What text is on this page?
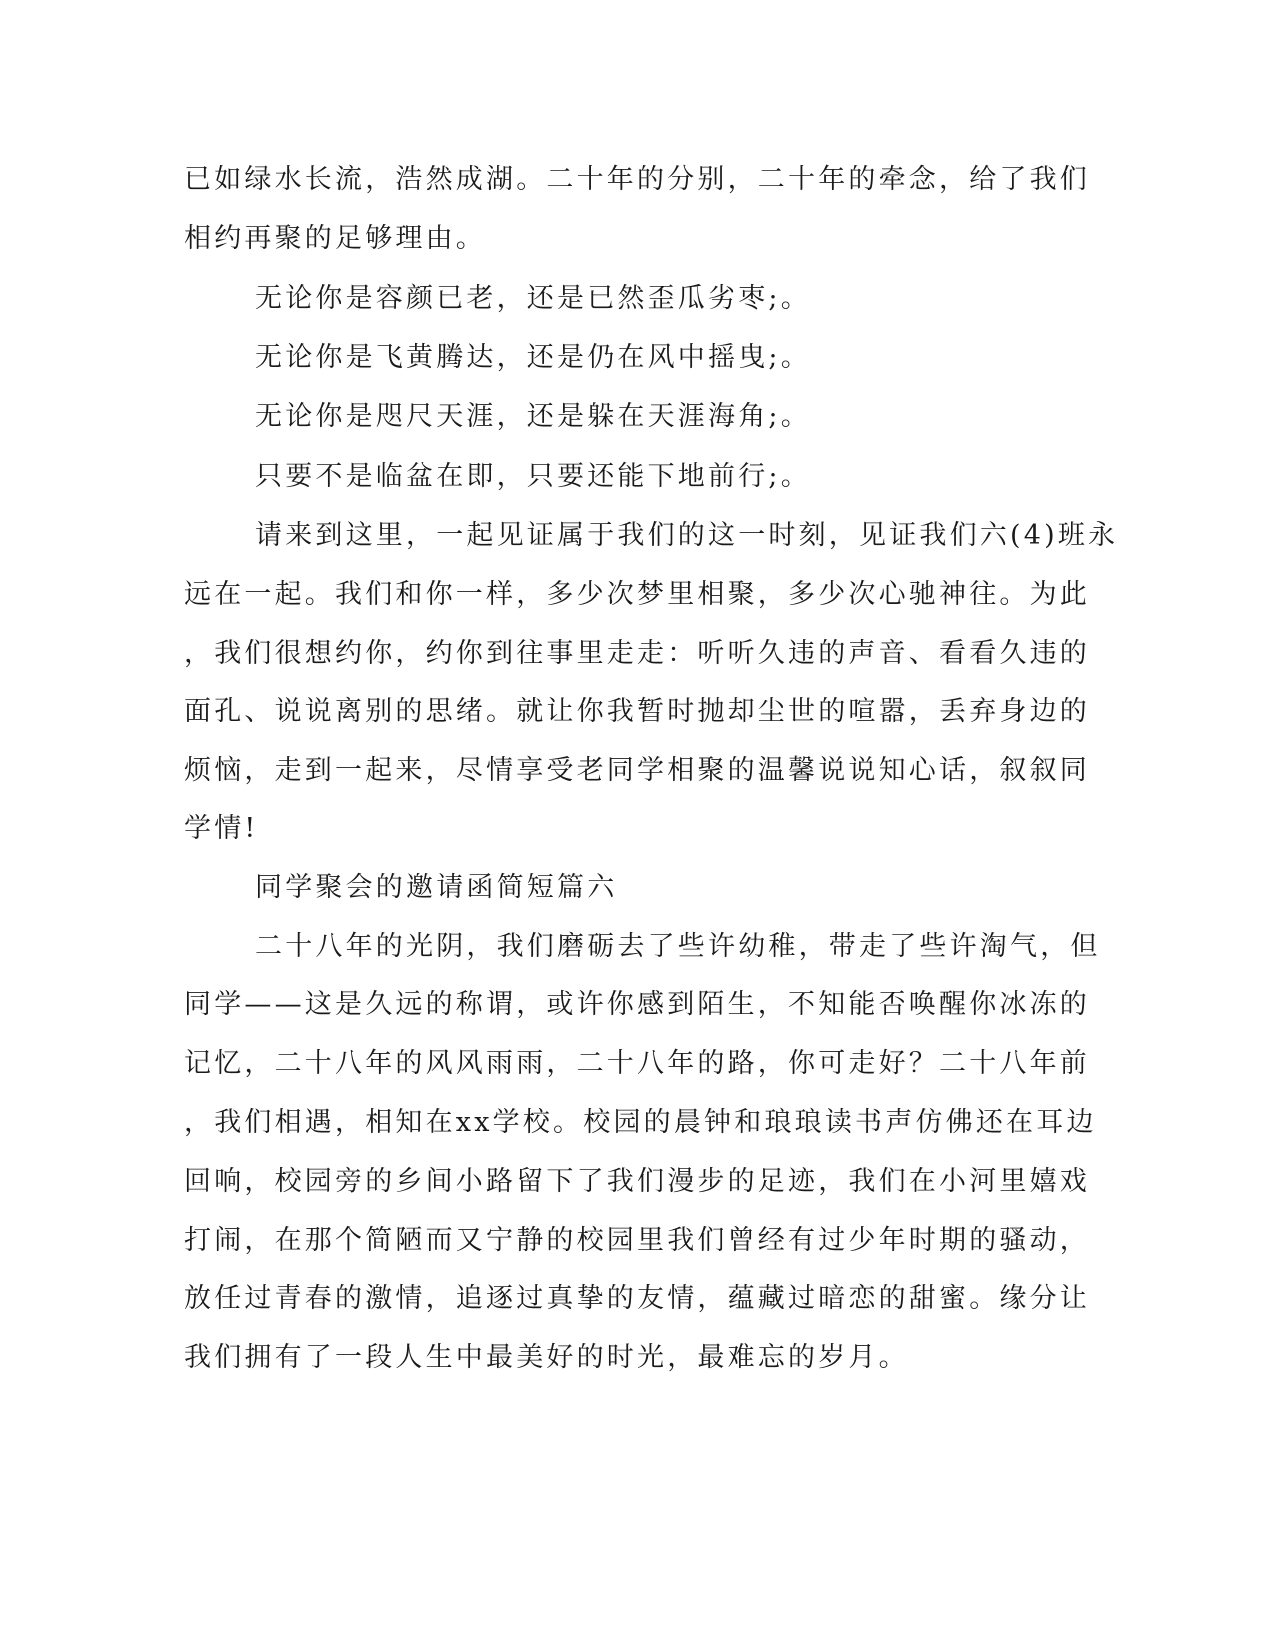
已如绿水长流，浩然成湖。二十年的分别，二十年的牵念，给了我们
相约再聚的足够理由。
无论你是容颜已老，还是已然歪瓜劣枣;。
无论你是飞黄腾达，还是仍在风中摇曳;。
无论你是咫尺天涯，还是躲在天涯海角;。
只要不是临盆在即，只要还能下地前行;。
请来到这里，一起见证属于我们的这一时刻，见证我们六(4)班永
远在一起。我们和你一样，多少次梦里相聚，多少次心驰神往。为此
，我们很想约你，约你到往事里走走：听听久违的声音、看看久违的
面孔、说说离别的思绪。就让你我暂时抛却尘世的喧嚣，丢弃身边的
烦恼，走到一起来，尽情享受老同学相聚的温馨说说知心话，叙叙同
学情!
同学聚会的邀请函简短篇六
二十八年的光阴，我们磨砺去了些许幼稚，带走了些许淘气，但
同学——这是久远的称谓，或许你感到陌生，不知能否唤醒你冰冻的
记忆，二十八年的风风雨雨，二十八年的路，你可走好？二十八年前
，我们相遇，相知在xx学校。校园的晨钟和琅琅读书声仿佛还在耳边
回响，校园旁的乡间小路留下了我们漫步的足迹，我们在小河里嬉戏
打闹，在那个简陋而又宁静的校园里我们曾经有过少年时期的骚动，
放任过青春的激情，追逐过真挚的友情，蕴藏过暗恋的甜蜜。缘分让
我们拥有了一段人生中最美好的时光，最难忘的岁月。
